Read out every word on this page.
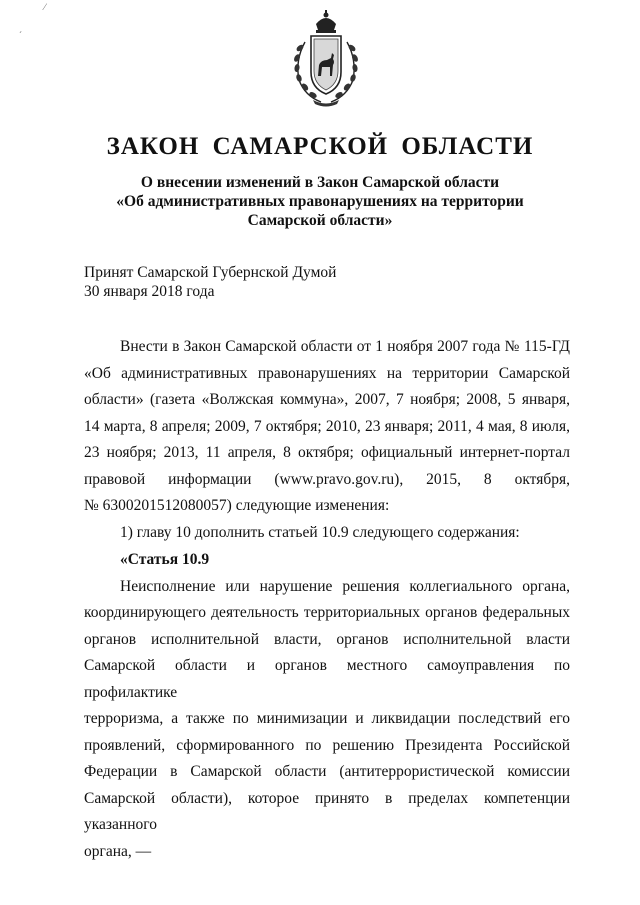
⁄
ˊ
ЗАКОН САМАРСКОЙ ОБЛАСТИ
О внесении изменений в Закон Самарской области
«Об административных правонарушениях на территории
Самарской области»
Принят Самарской Губернской Думой
30 января 2018 года

Внести в Закон Самарской области от 1 ноября 2007 года № 115-ГД
«Об административных правонарушениях на территории Самарской
области» (газета «Волжская коммуна», 2007, 7 ноября; 2008, 5 января,
14 марта, 8 апреля; 2009, 7 октября; 2010, 23 января; 2011, 4 мая, 8 июля,
23 ноября; 2013, 11 апреля, 8 октября; официальный интернет-портал
правовой информации (www.pravo.gov.ru), 2015, 8 октября,
№ 6300201512080057) следующие изменения:

1) главу 10 дополнить статьей 10.9 следующего содержания:

«Статья 10.9

Неисполнение или нарушение решения коллегиального органа,
координирующего деятельность территориальных органов федеральных
органов исполнительной власти, органов исполнительной власти
Самарской области и органов местного самоуправления по профилактике
терроризма, а также по минимизации и ликвидации последствий его
проявлений, сформированного по решению Президента Российской
Федерации в Самарской области (антитеррористической комиссии
Самарской области), которое принято в пределах компетенции указанного
органа, —
